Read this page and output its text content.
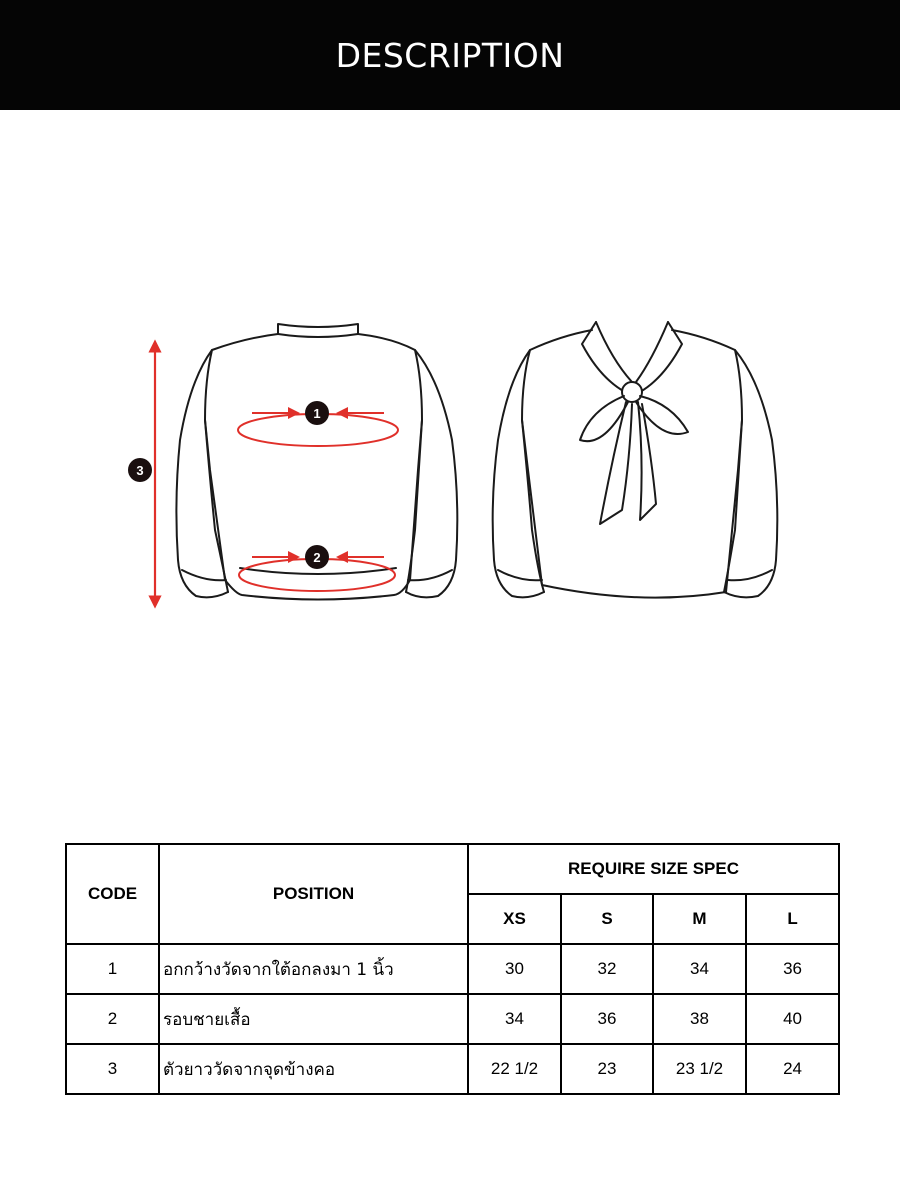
DESCRIPTION
1
2
3
CODE	POSITION	REQUIRE SIZE SPEC			
		XS	S	M	L
1	อกกว้างวัดจากใต้อกลงมา 1 นิ้ว	30	32	34	36
2	รอบชายเสื้อ	34	36	38	40
3	ตัวยาววัดจากจุดข้างคอ	22 1/2	23	23 1/2	24
